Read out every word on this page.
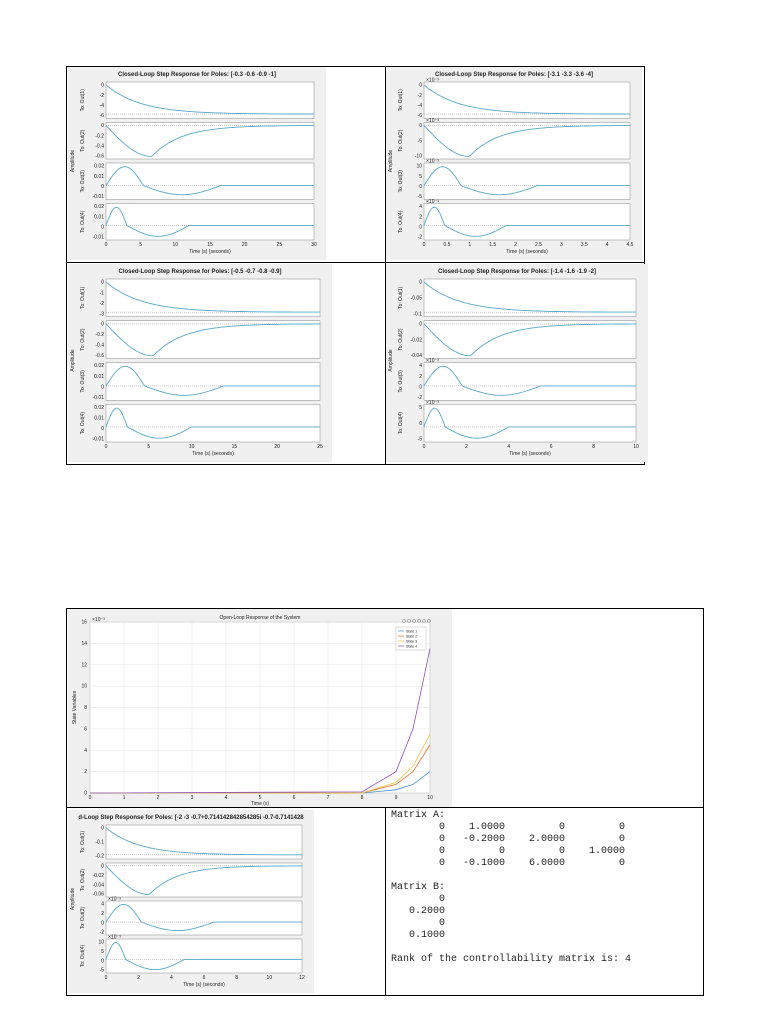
Closed-Loop Step Response for Poles: [-0.3 -0.6 -0.9 -1]
Amplitude
To: Out(1)
0
-2
-4
-6
To: Out(2)
0
-0.2
-0.4
-0.6
To: Out(3)
0.02
0.01
0
-0.01
To: Out(4)
0.02
0.01
0
-0.01
0	5	10	15	20	25	30
Time (s) (seconds)
Closed-Loop Step Response for Poles: [-3.1 -3.3 -3.6 -4]
Amplitude
To: Out(1)
×10⁻³
0
-2
-4
-6
To: Out(2)
×10⁻³
0
-5
-10
To: Out(3)
×10⁻³
10
5
0
-5
To: Out(4)
×10⁻³
4
2
0
-2
0	0.5	1	1.5	2	2.5	3	3.5	4	4.5
Time (s) (seconds)
Closed-Loop Step Response for Poles: [-0.5 -0.7 -0.8 -0.9]
Amplitude
To: Out(1)
0
-1
-2
-3
To: Out(2)
0
-0.2
-0.4
-0.6
To: Out(3)
0.02
0.01
0
-0.01
To: Out(4)
0.02
0.01
0
-0.01
0	5	10	15	20	25
Time (s) (seconds)
Closed-Loop Step Response for Poles: [-1.4 -1.6 -1.9 -2]
Amplitude
To: Out(1)
0
-0.05
-0.1
To: Out(2)
0
-0.02
-0.04
To: Out(3)
×10⁻³
4
2
0
-2
To: Out(4)
×10⁻³
5
0
-5
0	2	4	6	8	10
Time (s) (seconds)
Open-Loop Response of the System
×10⁻³
0	1	2	3	4	5	6	7	8	9	10
16
14
12
10
8
6
4
2
0
State Variables
Time (s)
State 1
State 2
State 3
State 4
d-Loop Step Response for Poles: [-2 -3 -0.7+0.714142842854285i -0.7-0.7141428
Amplitude
To: Out(1)
0
-0.1
-0.2
To: Out(2)
0
-0.02
-0.04
-0.06
To: Out(3)
×10⁻³
4
2
0
-2
To: Out(4)
×10⁻³
10
5
0
-5
0	2	4	6	8	10	12
Time (s) (seconds)
Matrix A:
0    1.0000         0         0
0   -0.2000    2.0000         0
0         0         0    1.0000
0   -0.1000    6.0000         0

Matrix B:
0
0.2000
0
0.1000

Rank of the controllability matrix is: 4
